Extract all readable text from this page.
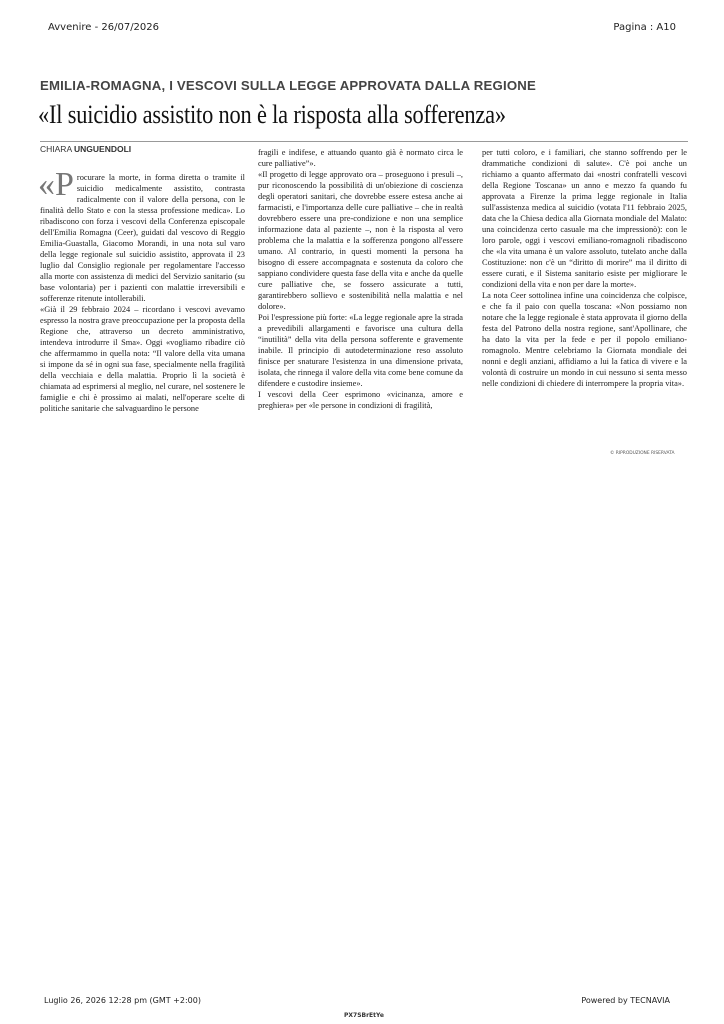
Avvenire - 26/07/2026	Pagina : A10
EMILIA-ROMAGNA, I VESCOVI SULLA LEGGE APPROVATA DALLA REGIONE
«Il suicidio assistito non è la risposta alla sofferenza»
CHIARA UNGUENDOLI
«P rocurare la morte, in forma diretta o tramite il suicidio medicalmente assistito, contrasta radicalmente con il valore della persona, con le finalità dello Stato e con la stessa professione medica». Lo ribadiscono con forza i vescovi della Conferenza episcopale dell'Emilia Romagna (Ceer), guidati dal vescovo di Reggio Emilia-Guastalla, Giacomo Morandi, in una nota sul varo della legge regionale sul suicidio assistito, approvata il 23 luglio dal Consiglio regionale per regolamentare l'accesso alla morte con assistenza di medici del Servizio sanitario (su base volontaria) per i pazienti con malattie irreversibili e sofferenze ritenute intollerabili.

«Già il 29 febbraio 2024 – ricordano i vescovi avevamo espresso la nostra grave preoccupazione per la proposta della Regione che, attraverso un decreto amministrativo, intendeva introdurre il Sma». Oggi «vogliamo ribadire ciò che affermammo in quella nota: “Il valore della vita umana si impone da sé in ogni sua fase, specialmente nella fragilità della vecchiaia e della malattia. Proprio lì la società è chiamata ad esprimersi al meglio, nel curare, nel sostenere le famiglie e chi è prossimo ai malati, nell'operare scelte di politiche sanitarie che salvaguardino le persone

fragili e indifese, e attuando quanto già è normato circa le cure palliative”».

«Il progetto di legge approvato ora – proseguono i presuli –, pur riconoscendo la possibilità di un'obiezione di coscienza degli operatori sanitari, che dovrebbe essere estesa anche ai farmacisti, e l'importanza delle cure palliative – che in realtà dovrebbero essere una pre-condizione e non una semplice informazione data al paziente –, non è la risposta al vero problema che la malattia e la sofferenza pongono all'essere umano. Al contrario, in questi momenti la persona ha bisogno di essere accompagnata e sostenuta da coloro che sappiano condividere questa fase della vita e anche da quelle cure palliative che, se fossero assicurate a tutti, garantirebbero sollievo e sostenibilità nella malattia e nel dolore».

Poi l'espressione più forte: «La legge regionale apre la strada a prevedibili allargamenti e favorisce una cultura della “inutilità” della vita della persona sofferente e gravemente inabile. Il principio di autodeterminazione reso assoluto finisce per snaturare l'esistenza in una dimensione privata, isolata, che rinnega il valore della vita come bene comune da difendere e custodire insieme».

I vescovi della Ceer esprimono «vicinanza, amore e preghiera» per «le persone in condizioni di fragilità,

per tutti coloro, e i familiari, che stanno soffrendo per le drammatiche condizioni di salute». C'è poi anche un richiamo a quanto affermato dai «nostri confratelli vescovi della Regione Toscana» un anno e mezzo fa quando fu approvata a Firenze la prima legge regionale in Italia sull'assistenza medica al suicidio (votata l'11 febbraio 2025, data che la Chiesa dedica alla Giornata mondiale del Malato: una coincidenza certo casuale ma che impressionò): con le loro parole, oggi i vescovi emiliano-romagnoli ribadiscono che «la vita umana è un valore assoluto, tutelato anche dalla Costituzione: non c'è un “diritto di morire” ma il diritto di essere curati, e il Sistema sanitario esiste per migliorare le condizioni della vita e non per dare la morte».

La nota Ceer sottolinea infine una coincidenza che colpisce, e che fa il paio con quella toscana: «Non possiamo non notare che la legge regionale è stata approvata il giorno della festa del Patrono della nostra regione, sant'Apollinare, che ha dato la vita per la fede e per il popolo emiliano-romagnolo. Mentre celebriamo la Giornata mondiale dei nonni e degli anziani, affidiamo a lui la fatica di vivere e la volontà di costruire un mondo in cui nessuno si senta messo nelle condizioni di chiedere di interrompere la propria vita».

© RIPRODUZIONE RISERVATA
Luglio 26, 2026 12:28 pm (GMT +2:00)	Powered by TECNAVIA
PX7SBrEtYe
